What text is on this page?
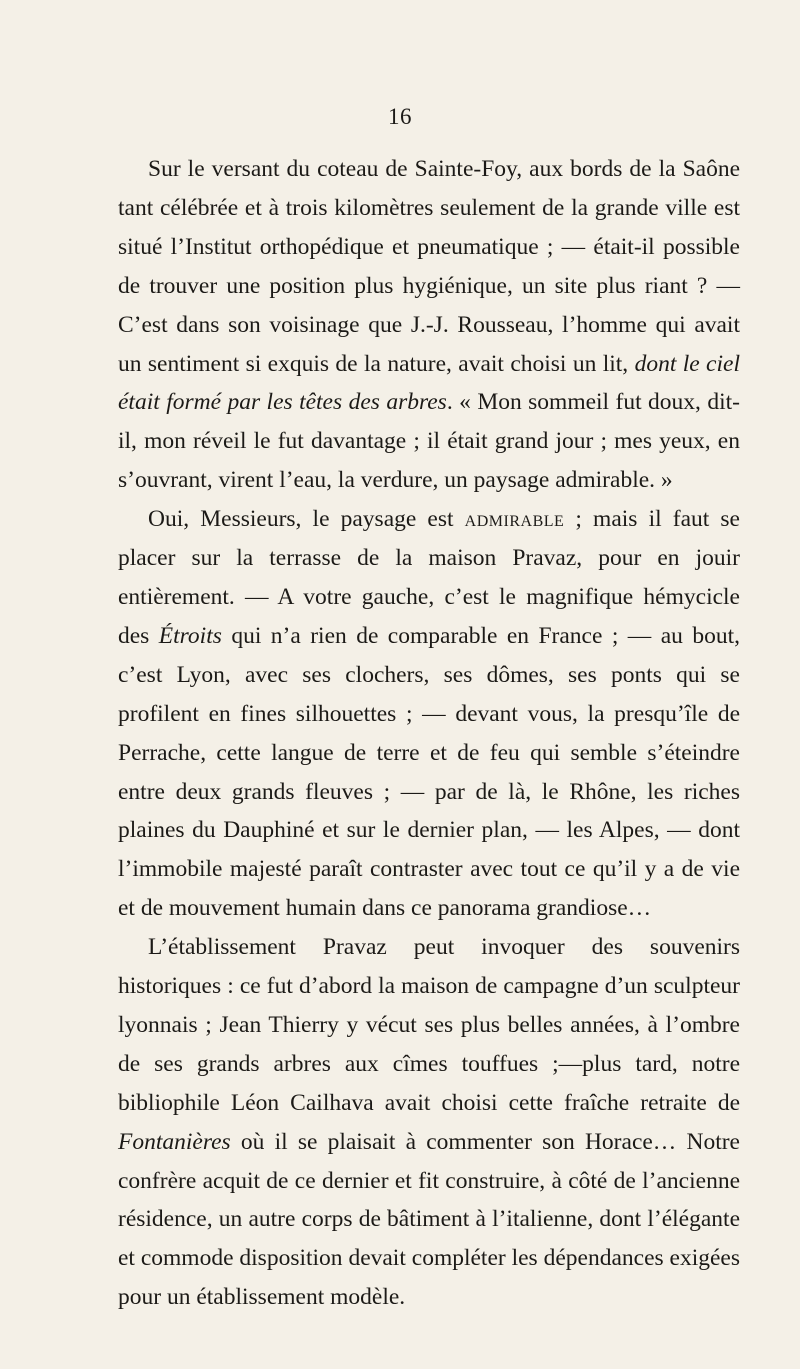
16

Sur le versant du coteau de Sainte-Foy, aux bords de la Saône tant célébrée et à trois kilomètres seulement de la grande ville est situé l’Institut orthopédique et pneumatique ; — était-il possible de trouver une position plus hygiénique, un site plus riant ? — C’est dans son voisinage que J.-J. Rousseau, l’homme qui avait un sentiment si exquis de la nature, avait choisi un lit, dont le ciel était formé par les têtes des arbres. « Mon sommeil fut doux, dit-il, mon réveil le fut davantage ; il était grand jour ; mes yeux, en s’ouvrant, virent l’eau, la verdure, un paysage admirable. »

Oui, Messieurs, le paysage est admirable ; mais il faut se placer sur la terrasse de la maison Pravaz, pour en jouir entièrement. — A votre gauche, c’est le magnifique hémycicle des Étroits qui n’a rien de comparable en France ; — au bout, c’est Lyon, avec ses clochers, ses dômes, ses ponts qui se profilent en fines silhouettes ; — devant vous, la presqu’île de Perrache, cette langue de terre et de feu qui semble s’éteindre entre deux grands fleuves ; — par de là, le Rhône, les riches plaines du Dauphiné et sur le dernier plan, — les Alpes, — dont l’immobile majesté paraît contraster avec tout ce qu’il y a de vie et de mouvement humain dans ce panorama grandiose…

L’établissement Pravaz peut invoquer des souvenirs historiques : ce fut d’abord la maison de campagne d’un sculpteur lyonnais ; Jean Thierry y vécut ses plus belles années, à l’ombre de ses grands arbres aux cîmes touffues ;—plus tard, notre bibliophile Léon Cailhava avait choisi cette fraîche retraite de Fontanières où il se plaisait à commenter son Horace… Notre confrère acquit de ce dernier et fit construire, à côté de l’ancienne résidence, un autre corps de bâtiment à l’italienne, dont l’élégante et commode disposition devait compléter les dépendances exigées pour un établissement modèle.
